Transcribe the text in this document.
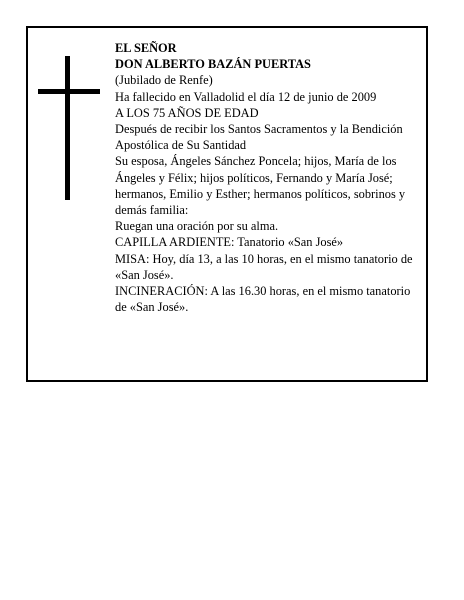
EL SEÑOR

DON ALBERTO BAZÁN PUERTAS

(Jubilado de Renfe)

Ha fallecido en Valladolid el día 12 de junio de 2009

A LOS 75 AÑOS DE EDAD

Después de recibir los Santos Sacramentos y la Bendición Apostólica de Su Santidad

Su esposa, Ángeles Sánchez Poncela; hijos, María de los Ángeles y Félix; hijos políticos, Fernando y María José; hermanos, Emilio y Esther; hermanos políticos, sobrinos y demás familia:

Ruegan una oración por su alma.

CAPILLA ARDIENTE: Tanatorio «San José»

MISA: Hoy, día 13, a las 10 horas, en el mismo tanatorio de «San José».

INCINERACIÓN: A las 16.30 horas, en el mismo tanatorio de «San José».
